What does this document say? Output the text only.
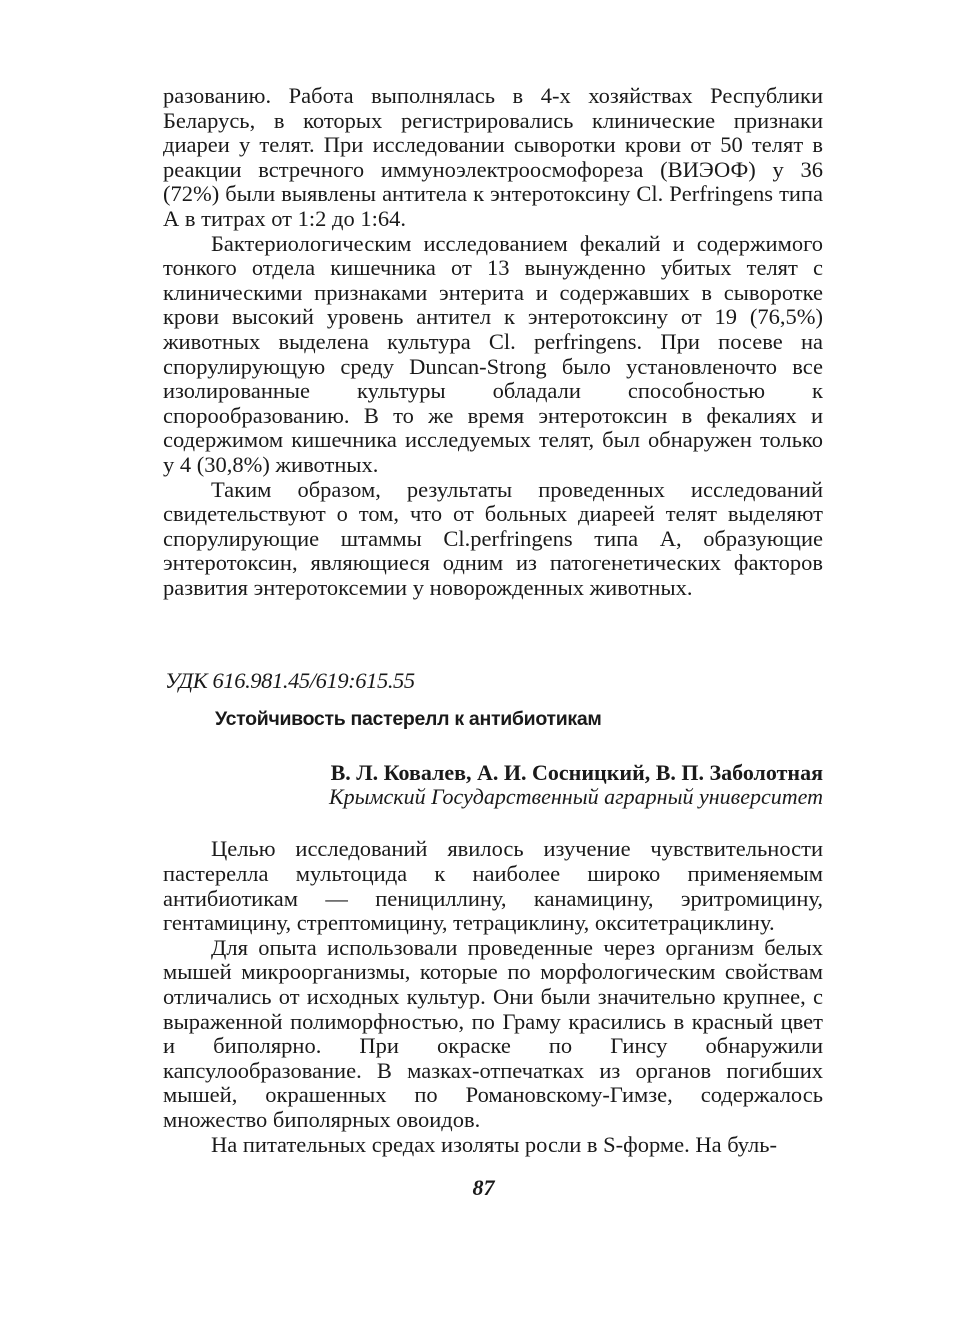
разованию. Работа выполнялась в 4-х хозяйствах Республики Беларусь, в которых регистрировались клинические признаки диареи у телят. При исследовании сыворотки крови от 50 телят в реакции встречного иммуноэлектроосмофореза (ВИЭОФ) у 36 (72%) были выявлены антитела к энтеротоксину Cl. Perfringens типа А в титрах от 1:2 до 1:64.

Бактериологическим исследованием фекалий и содержимого тонкого отдела кишечника от 13 вынужденно убитых телят с клиническими признаками энтерита и содержавших в сыворотке крови высокий уровень антител к энтеротоксину от 19 (76,5%) животных выделена культура Cl. perfringens. При посеве на спорулирующую среду Duncan-Strong было установленочто все изолированные культуры обладали способностью к спорообразованию. В то же время энтеротоксин в фекалиях и содержимом кишечника исследуемых телят, был обнаружен только у 4 (30,8%) животных.

Таким образом, результаты проведенных исследований свидетельствуют о том, что от больных диареей телят выделяют спорулирующие штаммы Cl.perfringens типа А, образующие энтеротоксин, являющиеся одним из патогенетических факторов развития энтеротоксемии у новорожденных животных.

УДК 616.981.45/619:615.55

Устойчивость пастерелл к антибиотикам

В. Л. Ковалев, А. И. Сосницкий, В. П. Заболотная

Крымский Государственный аграрный университет

Целью исследований явилось изучение чувствительности пастерелла мультоцида к наиболее широко применяемым антибиотикам — пенициллину, канамицину, эритромицину, гентамицину, стрептомицину, тетрациклину, окситетрациклину.

Для опыта использовали проведенные через организм белых мышей микроорганизмы, которые по морфологическим свойствам отличались от исходных культур. Они были значительно крупнее, с выраженной полиморфностью, по Граму красились в красный цвет и биполярно. При окраске по Гинсу обнаружили капсулообразование. В мазках-отпечатках из органов погибших мышей, окрашенных по Романовскому-Гимзе, содержалось множество биполярных овоидов.

На питательных средах изоляты росли в S-форме. На буль-

87
